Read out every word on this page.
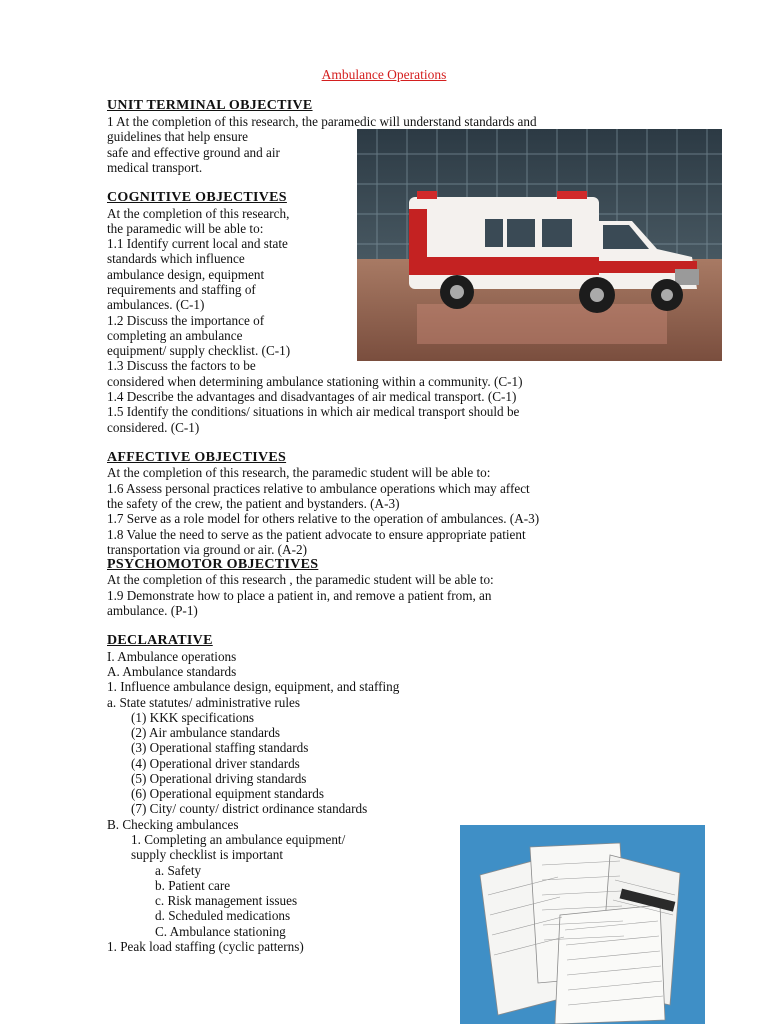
Ambulance Operations
UNIT TERMINAL OBJECTIVE
1 At the completion of this research, the paramedic will understand standards and
guidelines that help ensure
safe and effective ground and air
medical transport.
COGNITIVE OBJECTIVES
At the completion of this research,
the paramedic will be able to:
1.1 Identify current local and state
standards which influence
ambulance design, equipment
requirements and staffing of
ambulances. (C-1)
1.2 Discuss the importance of
completing an ambulance
equipment/ supply checklist. (C-1)
1.3 Discuss the factors to be
considered when determining ambulance stationing within a community. (C-1)
1.4 Describe the advantages and disadvantages of air medical transport. (C-1)
1.5 Identify the conditions/ situations in which air medical transport should be
considered. (C-1)
AFFECTIVE OBJECTIVES
At the completion of this research, the paramedic student will be able to:
1.6 Assess personal practices relative to ambulance operations which may affect
the safety of the crew, the patient and bystanders. (A-3)
1.7 Serve as a role model for others relative to the operation of ambulances. (A-3)
1.8 Value the need to serve as the patient advocate to ensure appropriate patient
transportation via ground or air. (A-2)
PSYCHOMOTOR OBJECTIVES
At the completion of this research , the paramedic student will be able to:
1.9 Demonstrate how to place a patient in, and remove a patient from, an
ambulance. (P-1)
DECLARATIVE
I. Ambulance operations
A. Ambulance standards
1. Influence ambulance design, equipment, and staffing
a. State statutes/ administrative rules
(1) KKK specifications
(2) Air ambulance standards
(3) Operational staffing standards
(4) Operational driver standards
(5) Operational driving standards
(6) Operational equipment standards
(7) City/ county/ district ordinance standards
B. Checking ambulances
1. Completing an ambulance equipment/
supply checklist is important
a. Safety
b. Patient care
c. Risk management issues
d. Scheduled medications
C. Ambulance stationing
1. Peak load staffing (cyclic patterns)
